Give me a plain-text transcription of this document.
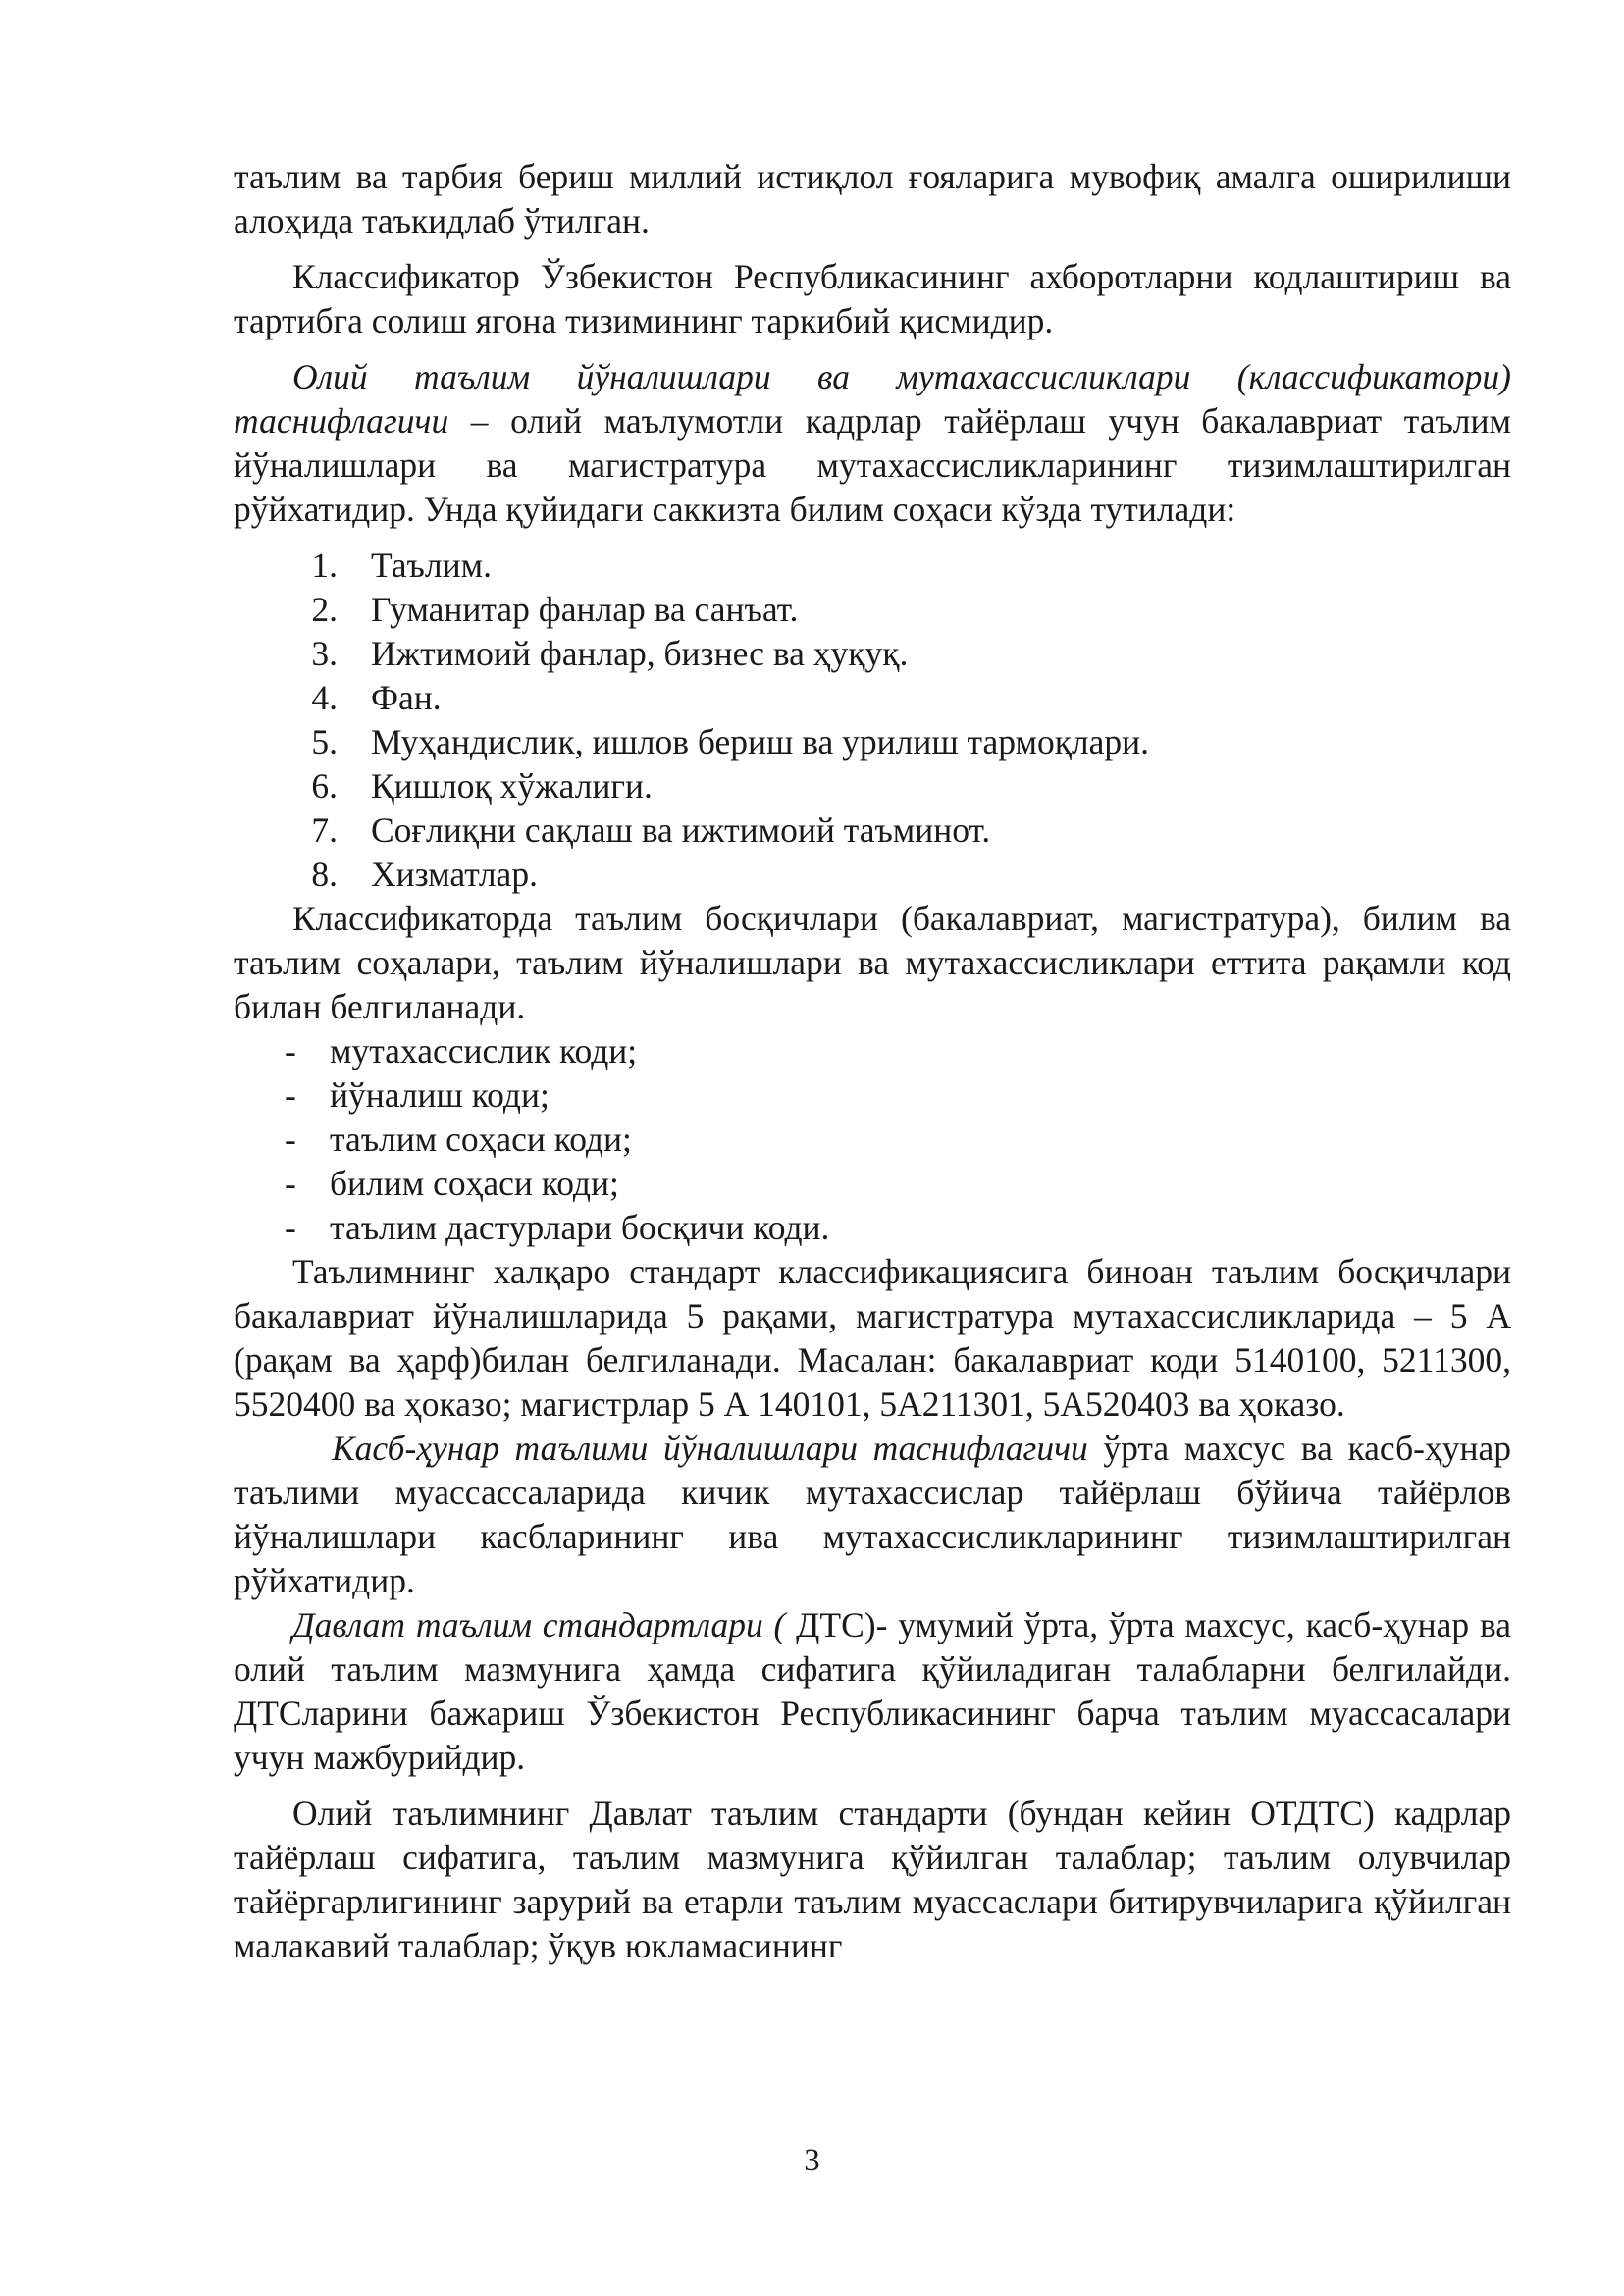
таълим ва тарбия бериш миллий истиқлол ғояларига мувофиқ амалга оширилиши алоҳида таъкидлаб ўтилган.

Классификатор Ўзбекистон Республикасининг ахборотларни кодлаштириш ва тартибга солиш ягона тизимининг таркибий қисмидир.

Олий таълим йўналишлари ва мутахассисликлари (классификатори) таснифлагичи – олий маълумотли кадрлар тайёрлаш учун бакалавриат таълим йўналишлари ва магистратура мутахассисликларининг тизимлаштирилган рўйхатидир. Унда қуйидаги саккизта билим соҳаси кўзда тутилади:

1. Таълим.
2. Гуманитар фанлар ва санъат.
3. Ижтимоий фанлар, бизнес ва ҳуқуқ.
4. Фан.
5. Муҳандислик, ишлов бериш ва урилиш тармоқлари.
6. Қишлоқ хўжалиги.
7. Соғлиқни сақлаш ва ижтимоий таъминот.
8. Хизматлар.

Классификаторда таълим босқичлари (бакалавриат, магистратура), билим ва таълим соҳалари, таълим йўналишлари ва мутахассисликлари еттита рақамли код билан белгиланади.

- мутахассислик коди;
- йўналиш коди;
- таълим соҳаси коди;
- билим соҳаси коди;
- таълим дастурлари босқичи коди.

Таълимнинг халқаро стандарт классификациясига биноан таълим босқичлари бакалавриат йўналишларида 5 рақами, магистратура мутахассисликларида – 5 А (рақам ва ҳарф)билан белгиланади. Масалан: бакалавриат коди 5140100, 5211300, 5520400 ва ҳоказо; магистрлар 5 А 140101, 5А211301, 5А520403 ва ҳоказо.

Касб-ҳунар таълими йўналишлари таснифлагичи ўрта махсус ва касб-ҳунар таълими муассассаларида кичик мутахассислар тайёрлаш бўйича тайёрлов йўналишлари касбларининг ива мутахассисликларининг тизимлаштирилган рўйхатидир.

Давлат таълим стандартлари ( ДТС)- умумий ўрта, ўрта махсус, касб-ҳунар ва олий таълим мазмунига ҳамда сифатига қўйиладиган талабларни белгилайди. ДТСларини бажариш Ўзбекистон Республикасининг барча таълим муассасалари учун мажбурийдир.

Олий таълимнинг Давлат таълим стандарти (бундан кейин ОТДТС) кадрлар тайёрлаш сифатига, таълим мазмунига қўйилган талаблар; таълим олувчилар тайёргарлигининг зарурий ва етарли таълим муассаслари битирувчиларига қўйилган малакавий талаблар; ўқув юкламасининг

3
